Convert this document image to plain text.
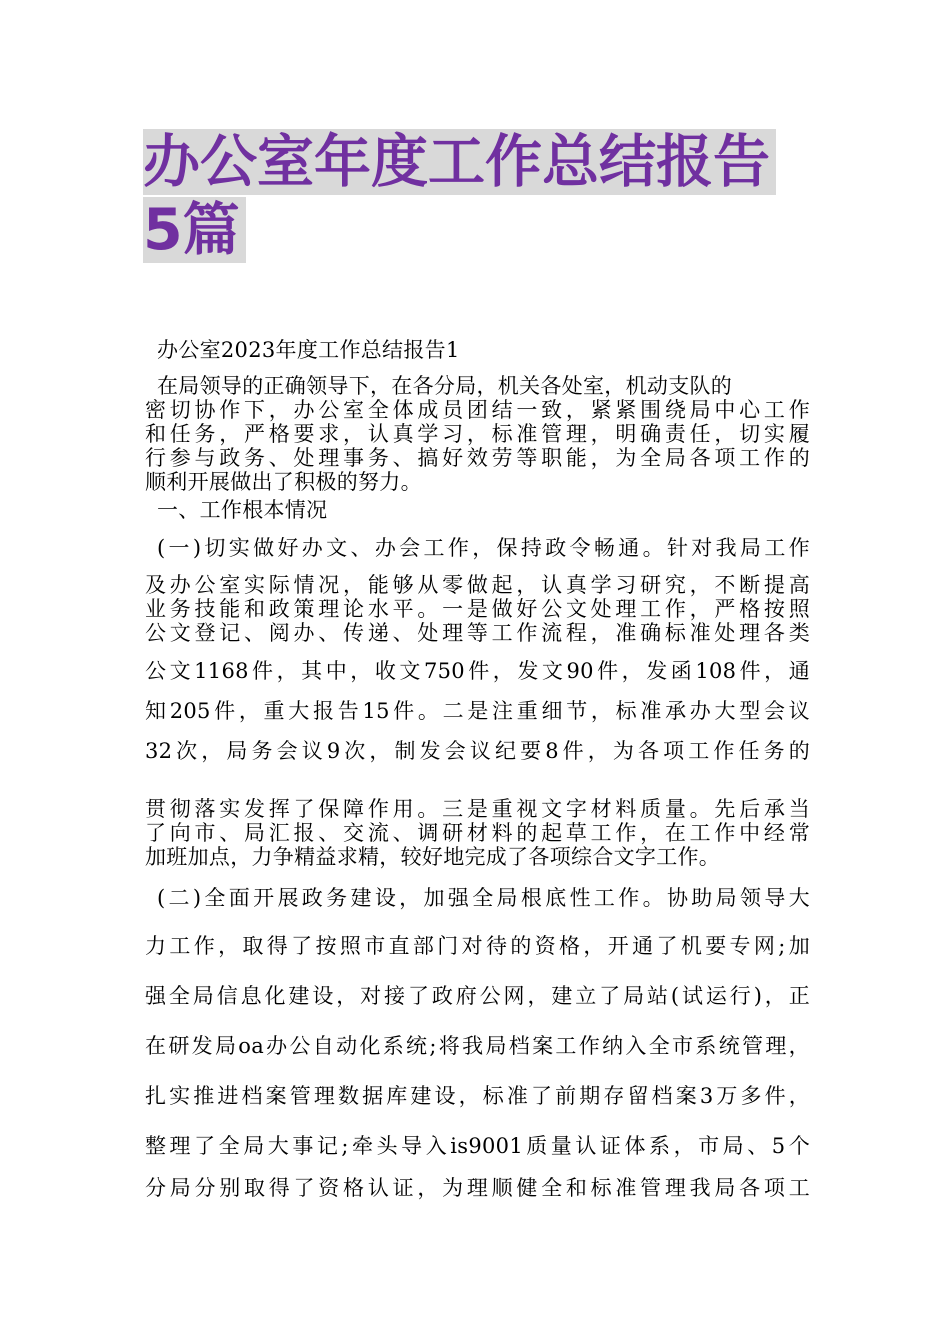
办公室年度工作总结报告
5篇

办公室2023年度工作总结报告1

在局领导的正确领导下，在各分局，机关各处室，机动支队的
密切协作下，办公室全体成员团结一致，紧紧围绕局中心工作
和任务，严格要求，认真学习，标准管理，明确责任，切实履
行参与政务、处理事务、搞好效劳等职能，为全局各项工作的
顺利开展做出了积极的努力。

一、工作根本情况

(一)切实做好办文、办会工作，保持政令畅通。针对我局工作
及办公室实际情况，能够从零做起，认真学习研究，不断提高
业务技能和政策理论水平。一是做好公文处理工作，严格按照
公文登记、阅办、传递、处理等工作流程，准确标准处理各类
公文1168件，其中，收文750件，发文90件，发函108件，通
知205件，重大报告15件。二是注重细节，标准承办大型会议
32次，局务会议9次，制发会议纪要8件，为各项工作任务的
贯彻落实发挥了保障作用。三是重视文字材料质量。先后承当
了向市、局汇报、交流、调研材料的起草工作，在工作中经常
加班加点，力争精益求精，较好地完成了各项综合文字工作。
(二)全面开展政务建设，加强全局根底性工作。协助局领导大
力工作，取得了按照市直部门对待的资格，开通了机要专网;加
强全局信息化建设，对接了政府公网，建立了局站(试运行)，正
在研发局oa办公自动化系统;将我局档案工作纳入全市系统管理，
扎实推进档案管理数据库建设，标准了前期存留档案3万多件，
整理了全局大事记;牵头导入is9001质量认证体系，市局、5个
分局分别取得了资格认证，为理顺健全和标准管理我局各项工
